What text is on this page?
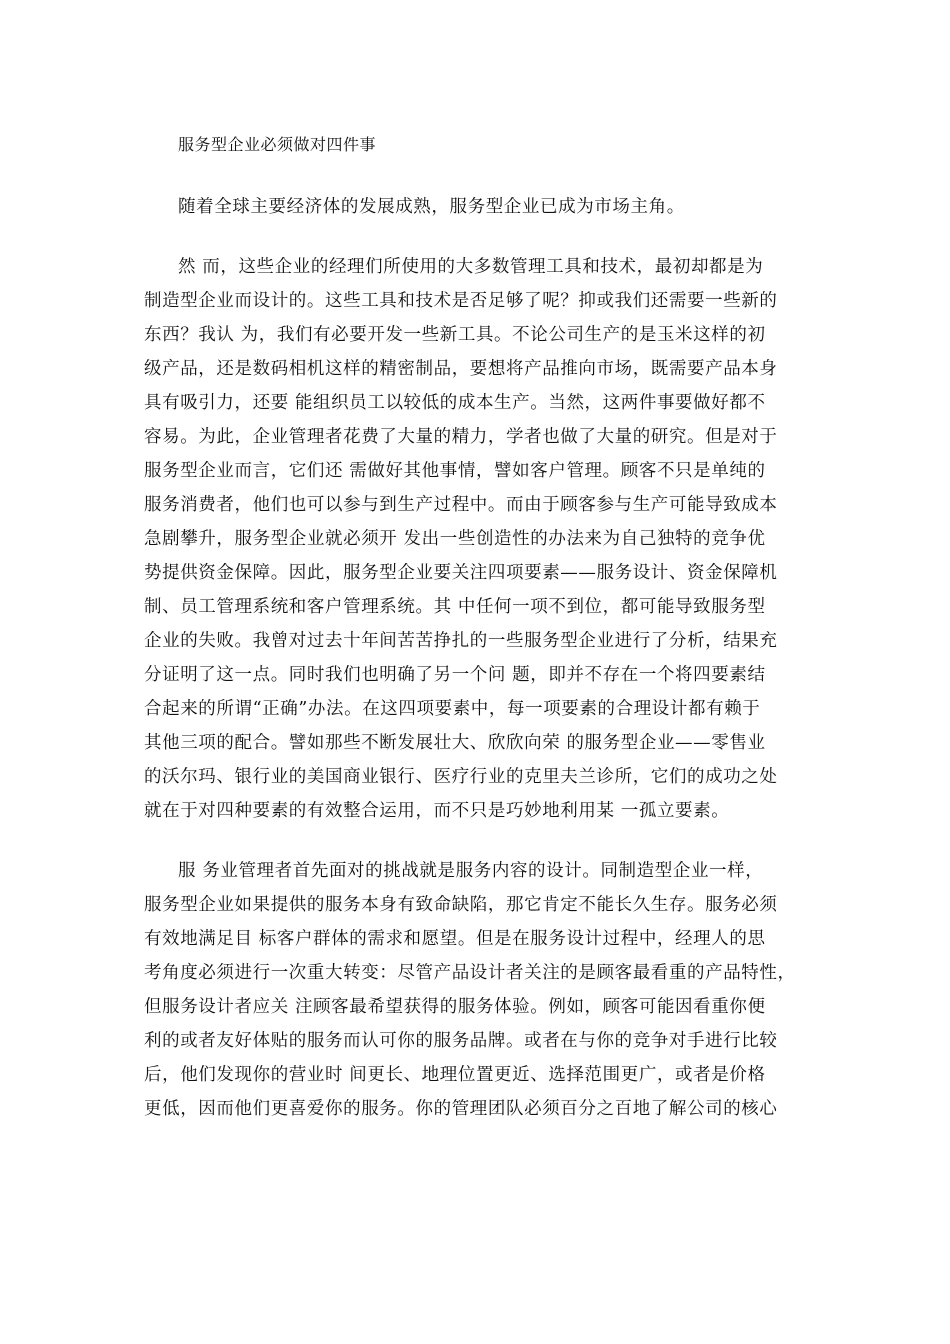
服务型企业必须做对四件事
随着全球主要经济体的发展成熟，服务型企业已成为市场主角。
然 而，这些企业的经理们所使用的大多数管理工具和技术，最初却都是为
制造型企业而设计的。这些工具和技术是否足够了呢？抑或我们还需要一些新的
东西？我认 为，我们有必要开发一些新工具。不论公司生产的是玉米这样的初
级产品，还是数码相机这样的精密制品，要想将产品推向市场，既需要产品本身
具有吸引力，还要 能组织员工以较低的成本生产。当然，这两件事要做好都不
容易。为此，企业管理者花费了大量的精力，学者也做了大量的研究。但是对于
服务型企业而言，它们还 需做好其他事情，譬如客户管理。顾客不只是单纯的
服务消费者，他们也可以参与到生产过程中。而由于顾客参与生产可能导致成本
急剧攀升，服务型企业就必须开 发出一些创造性的办法来为自己独特的竞争优
势提供资金保障。因此，服务型企业要关注四项要素——服务设计、资金保障机
制、员工管理系统和客户管理系统。其 中任何一项不到位，都可能导致服务型
企业的失败。我曾对过去十年间苦苦挣扎的一些服务型企业进行了分析，结果充
分证明了这一点。同时我们也明确了另一个问 题，即并不存在一个将四要素结
合起来的所谓“正确”办法。在这四项要素中，每一项要素的合理设计都有赖于
其他三项的配合。譬如那些不断发展壮大、欣欣向荣 的服务型企业——零售业
的沃尔玛、银行业的美国商业银行、医疗行业的克里夫兰诊所，它们的成功之处
就在于对四种要素的有效整合运用，而不只是巧妙地利用某 一孤立要素。
服 务业管理者首先面对的挑战就是服务内容的设计。同制造型企业一样，
服务型企业如果提供的服务本身有致命缺陷，那它肯定不能长久生存。服务必须
有效地满足目 标客户群体的需求和愿望。但是在服务设计过程中，经理人的思
考角度必须进行一次重大转变：尽管产品设计者关注的是顾客最看重的产品特性，
但服务设计者应关 注顾客最希望获得的服务体验。例如，顾客可能因看重你便
利的或者友好体贴的服务而认可你的服务品牌。或者在与你的竞争对手进行比较
后，他们发现你的营业时 间更长、地理位置更近、选择范围更广，或者是价格
更低，因而他们更喜爱你的服务。你的管理团队必须百分之百地了解公司的核心
